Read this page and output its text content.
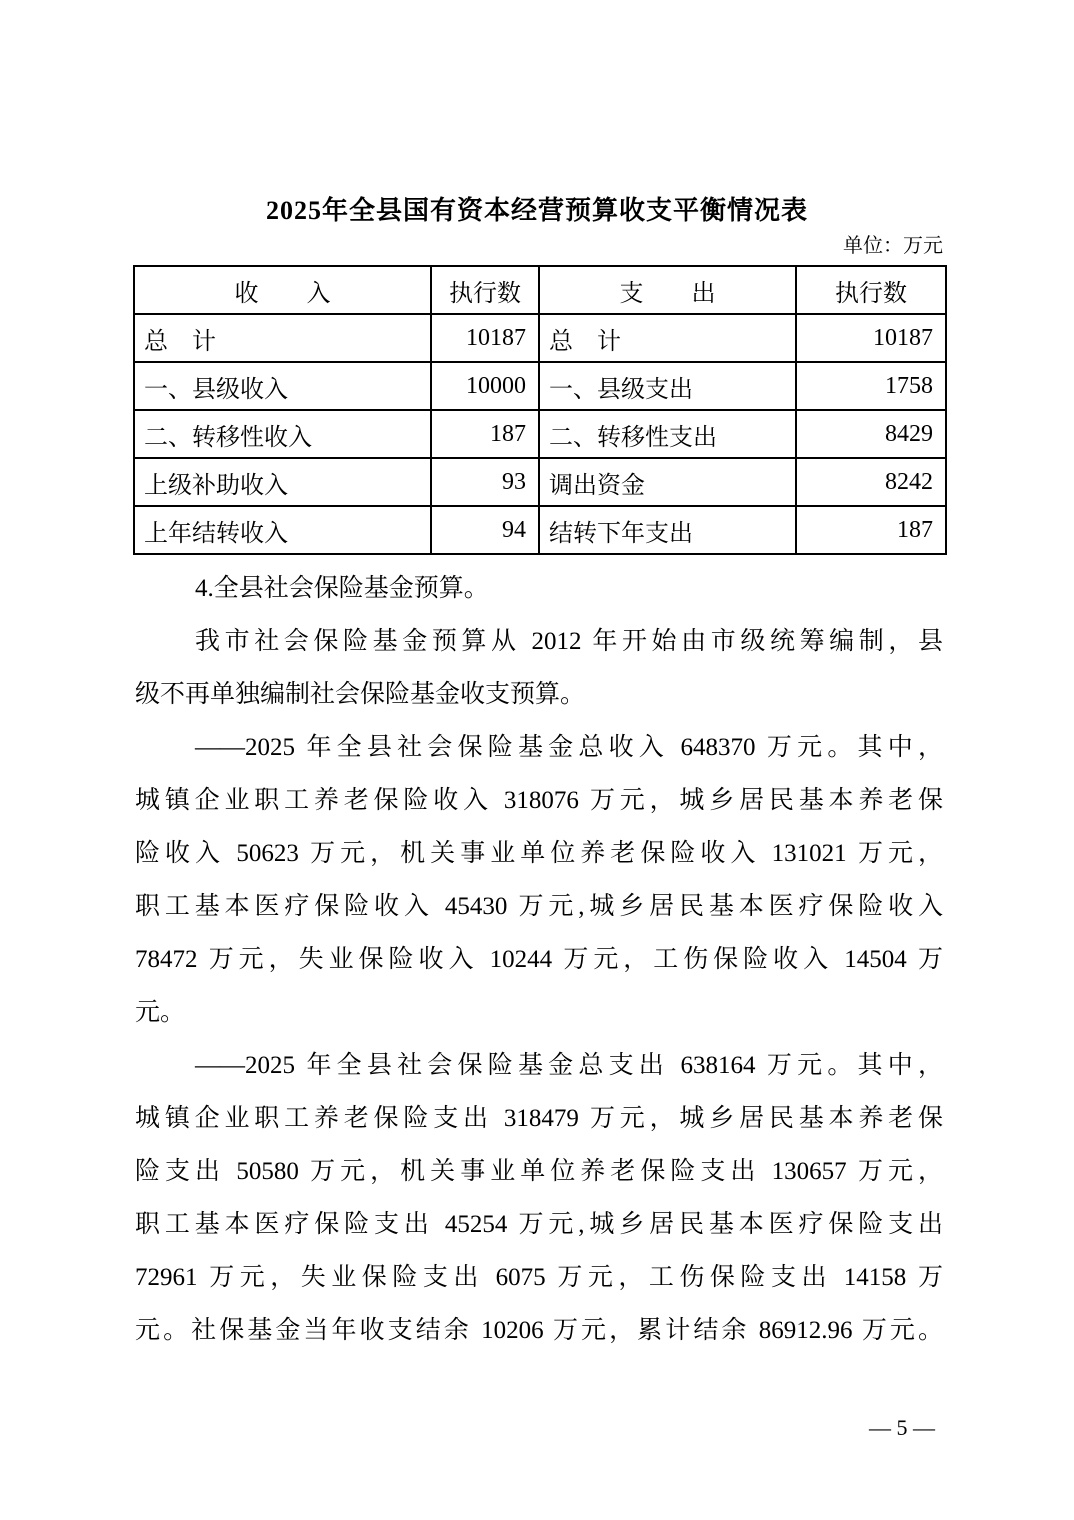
2025年全县国有资本经营预算收支平衡情况表
单位：万元
收　　入	执行数	支　　出	执行数
总　计	10187	总　计	10187
一、县级收入	10000	一、县级支出	1758
二、转移性收入	187	二、转移性支出	8429
上级补助收入	93	调出资金	8242
上年结转收入	94	结转下年支出	187
4.全县社会保险基金预算。
我市社会保险基金预算从 2012 年开始由市级统筹编制，县
级不再单独编制社会保险基金收支预算。
——2025 年全县社会保险基金总收入 648370 万元。其中，
城镇企业职工养老保险收入 318076 万元，城乡居民基本养老保
险收入 50623 万元，机关事业单位养老保险收入 131021 万元，
职工基本医疗保险收入 45430 万元,城乡居民基本医疗保险收入
78472 万元，失业保险收入 10244 万元，工伤保险收入 14504 万
元。
——2025 年全县社会保险基金总支出 638164 万元。其中，
城镇企业职工养老保险支出 318479 万元，城乡居民基本养老保
险支出 50580 万元，机关事业单位养老保险支出 130657 万元，
职工基本医疗保险支出 45254 万元,城乡居民基本医疗保险支出
72961 万元，失业保险支出 6075 万元，工伤保险支出 14158 万
元。社保基金当年收支结余 10206 万元，累计结余 86912.96 万元。
— 5 —
